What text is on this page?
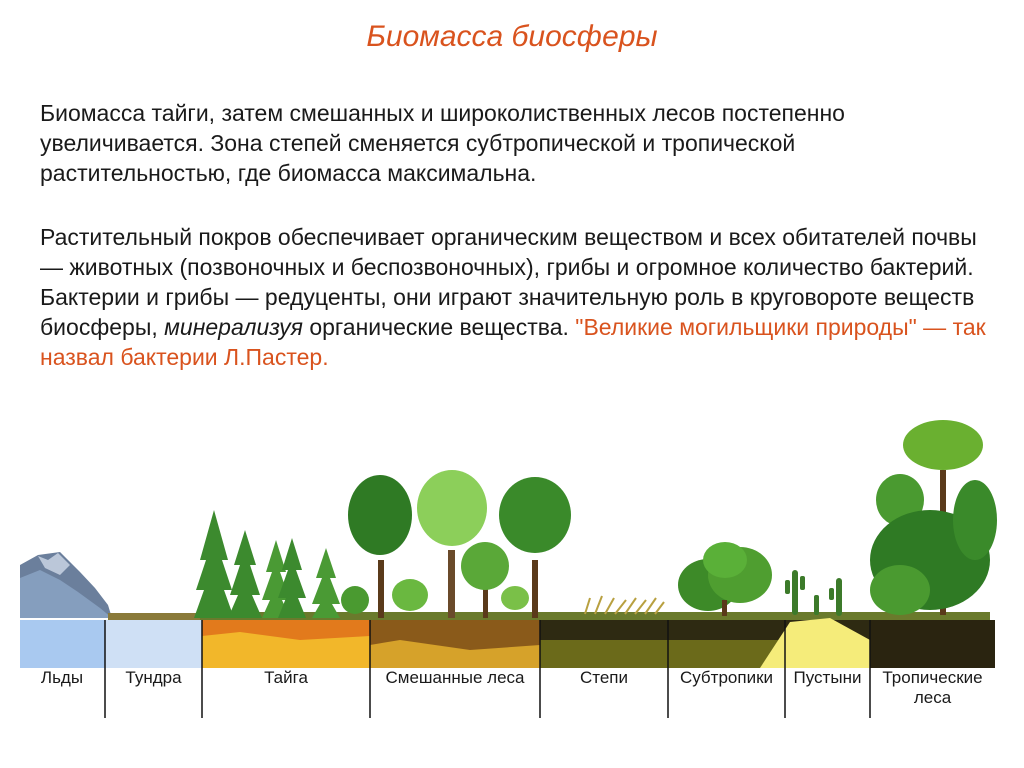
Биомасса биосферы
Биомасса тайги, затем смешанных и широколиственных лесов постепенно увеличивается. Зона степей сменяется субтропической и тропической растительностью, где биомасса максимальна.
Растительный покров обеспечивает органическим веществом и всех обитателей почвы — животных (позвоночных и беспозвоночных), грибы и огромное количество бактерий. Бактерии и грибы — редуценты, они играют значительную роль в круговороте веществ биосферы, минерализуя органические вещества. "Великие могильщики природы" — так назвал бактерии Л.Пастер.
Льды	Тундра	Тайга	Смешанные леса	Степи	Субтропики	Пустыни	Тропические леса
